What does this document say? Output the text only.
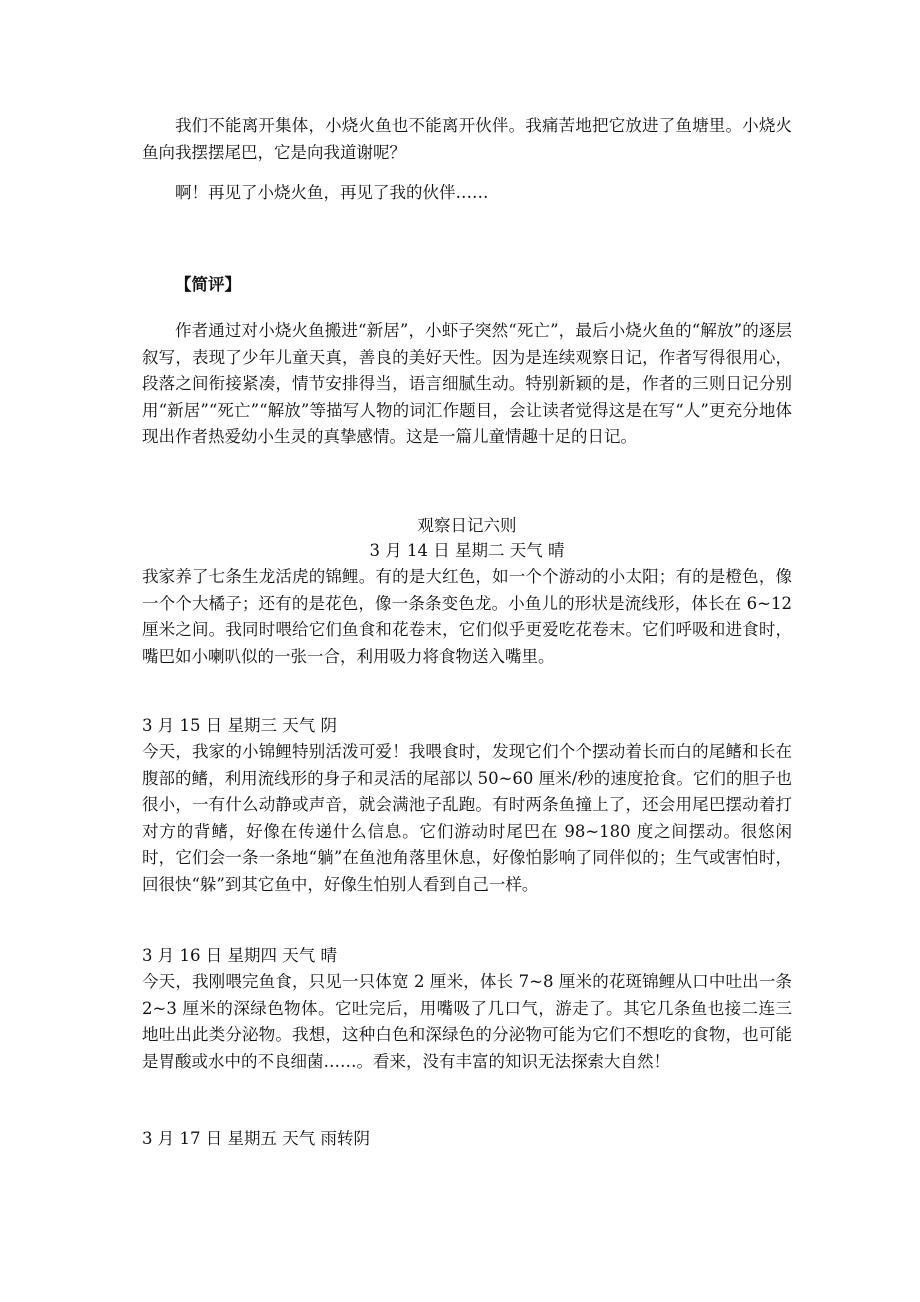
我们不能离开集体，小烧火鱼也不能离开伙伴。我痛苦地把它放进了鱼塘里。小烧火鱼向我摆摆尾巴，它是向我道谢呢？

啊！再见了小烧火鱼，再见了我的伙伴……

【简评】

作者通过对小烧火鱼搬进“新居”，小虾子突然“死亡”，最后小烧火鱼的“解放”的逐层叙写，表现了少年儿童天真，善良的美好天性。因为是连续观察日记，作者写得很用心，段落之间衔接紧凑，情节安排得当，语言细腻生动。特别新颖的是，作者的三则日记分别用“新居”“死亡”“解放”等描写人物的词汇作题目，会让读者觉得这是在写“人”更充分地体现出作者热爱幼小生灵的真挚感情。这是一篇儿童情趣十足的日记。

观察日记六则

3 月 14 日 星期二 天气 晴

我家养了七条生龙活虎的锦鲤。有的是大红色，如一个个游动的小太阳；有的是橙色，像一个个大橘子；还有的是花色，像一条条变色龙。小鱼儿的形状是流线形，体长在 6~12 厘米之间。我同时喂给它们鱼食和花卷末，它们似乎更爱吃花卷末。它们呼吸和进食时，嘴巴如小喇叭似的一张一合，利用吸力将食物送入嘴里。

3 月 15 日 星期三 天气 阴

今天，我家的小锦鲤特别活泼可爱！我喂食时，发现它们个个摆动着长而白的尾鳍和长在腹部的鳍，利用流线形的身子和灵活的尾部以 50~60 厘米/秒的速度抢食。它们的胆子也很小，一有什么动静或声音，就会满池子乱跑。有时两条鱼撞上了，还会用尾巴摆动着打对方的背鳍，好像在传递什么信息。它们游动时尾巴在 98~180 度之间摆动。很悠闲时，它们会一条一条地“躺”在鱼池角落里休息，好像怕影响了同伴似的；生气或害怕时，回很快“躲”到其它鱼中，好像生怕别人看到自己一样。

3 月 16 日 星期四 天气 晴

今天，我刚喂完鱼食，只见一只体宽 2 厘米，体长 7~8 厘米的花斑锦鲤从口中吐出一条 2~3 厘米的深绿色物体。它吐完后，用嘴吸了几口气，游走了。其它几条鱼也接二连三地吐出此类分泌物。我想，这种白色和深绿色的分泌物可能为它们不想吃的食物，也可能是胃酸或水中的不良细菌……。看来，没有丰富的知识无法探索大自然！

3 月 17 日 星期五 天气 雨转阴
